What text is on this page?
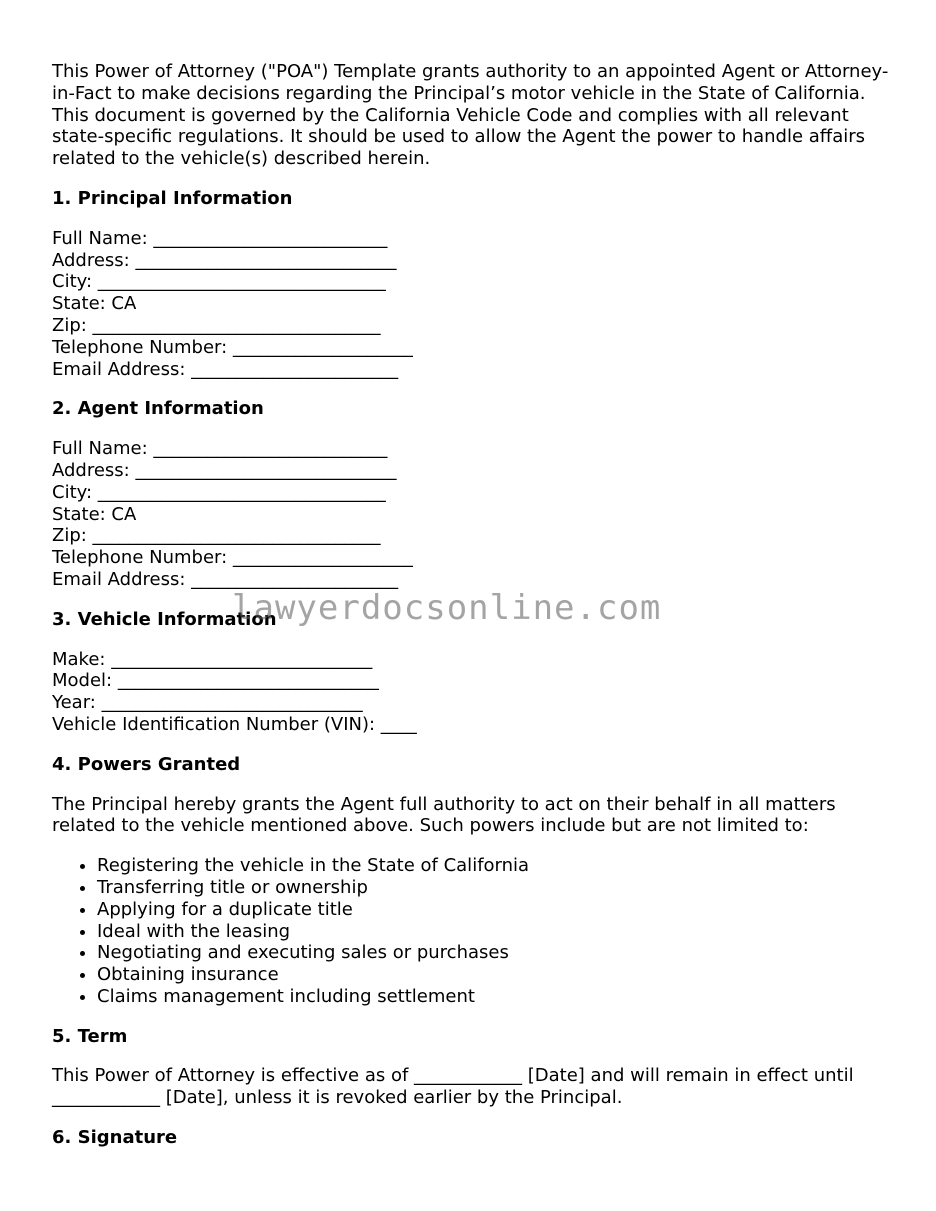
This Power of Attorney ("POA") Template grants authority to an appointed Agent or Attorney-in-Fact to make decisions regarding the Principal’s motor vehicle in the State of California. This document is governed by the California Vehicle Code and complies with all relevant state-specific regulations. It should be used to allow the Agent the power to handle affairs related to the vehicle(s) described herein.

1. Principal Information
Full Name: __________________________
Address: _____________________________
City: ________________________________
State: CA
Zip: ________________________________
Telephone Number: ____________________
Email Address: _______________________
2. Agent Information
Full Name: __________________________
Address: _____________________________
City: ________________________________
State: CA
Zip: ________________________________
Telephone Number: ____________________
Email Address: _______________________
3. Vehicle Information
Make: _____________________________
Model: _____________________________
Year: _____________________________
Vehicle Identification Number (VIN): ____
4. Powers Granted

The Principal hereby grants the Agent full authority to act on their behalf in all matters related to the vehicle mentioned above. Such powers include but are not limited to:

• Registering the vehicle in the State of California
• Transferring title or ownership
• Applying for a duplicate title
• Ideal with the leasing
• Negotiating and executing sales or purchases
• Obtaining insurance
• Claims management including settlement
5. Term

This Power of Attorney is effective as of ____________ [Date] and will remain in effect until ____________ [Date], unless it is revoked earlier by the Principal.

6. Signature
lawyerdocsonline.com
